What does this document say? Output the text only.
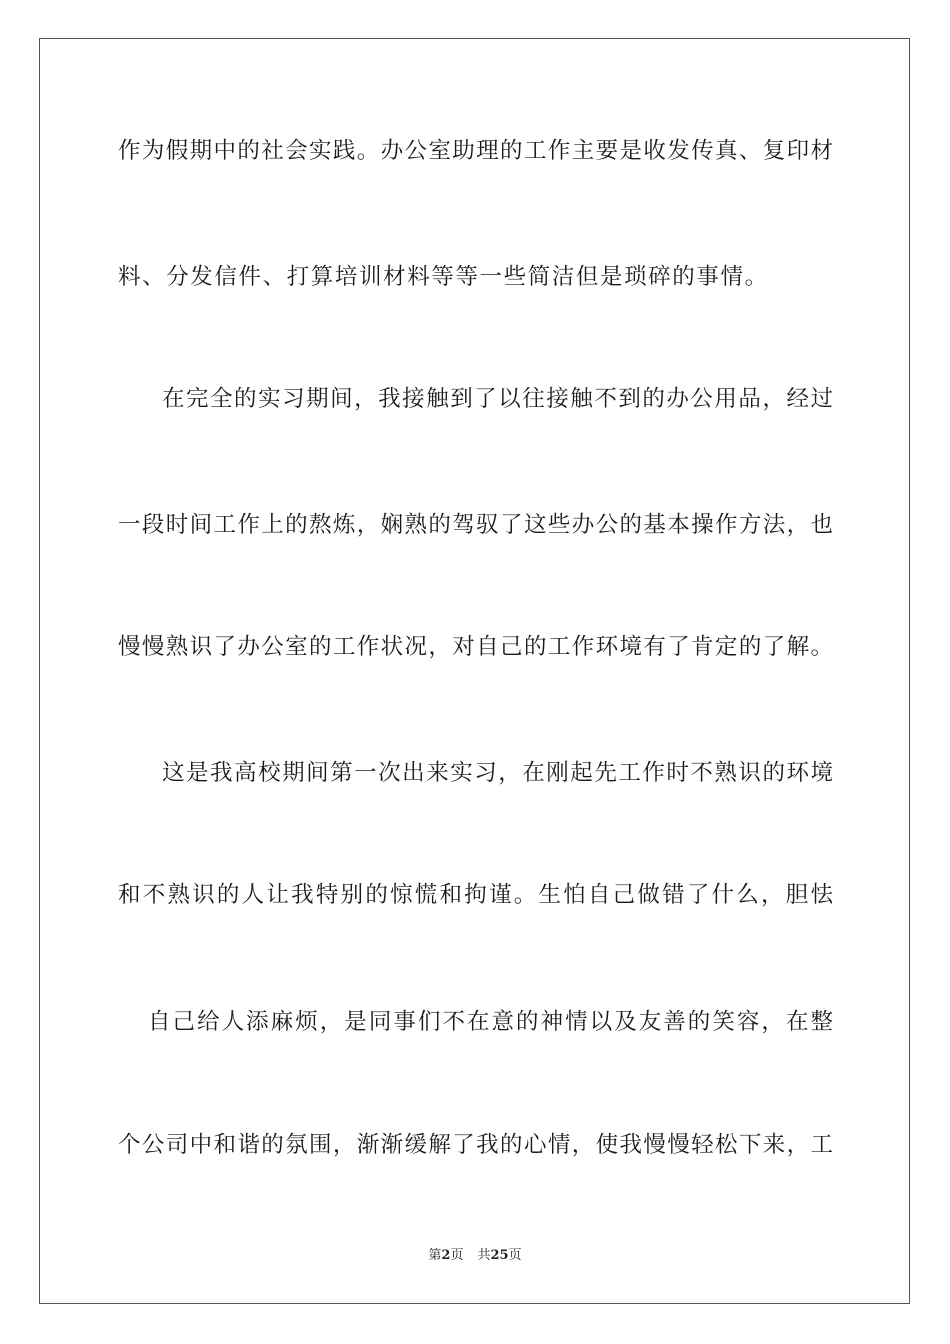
作为假期中的社会实践。办公室助理的工作主要是收发传真、复印材
料、分发信件、打算培训材料等等一些简洁但是琐碎的事情。
在完全的实习期间，我接触到了以往接触不到的办公用品，经过
一段时间工作上的熬炼，娴熟的驾驭了这些办公的基本操作方法，也
慢慢熟识了办公室的工作状况，对自己的工作环境有了肯定的了解。
这是我高校期间第一次出来实习，在刚起先工作时不熟识的环境
和不熟识的人让我特别的惊慌和拘谨。生怕自己做错了什么，胆怯
自己给人添麻烦，是同事们不在意的神情以及友善的笑容，在整
个公司中和谐的氛围，渐渐缓解了我的心情，使我慢慢轻松下来，工
第2页 共25页
